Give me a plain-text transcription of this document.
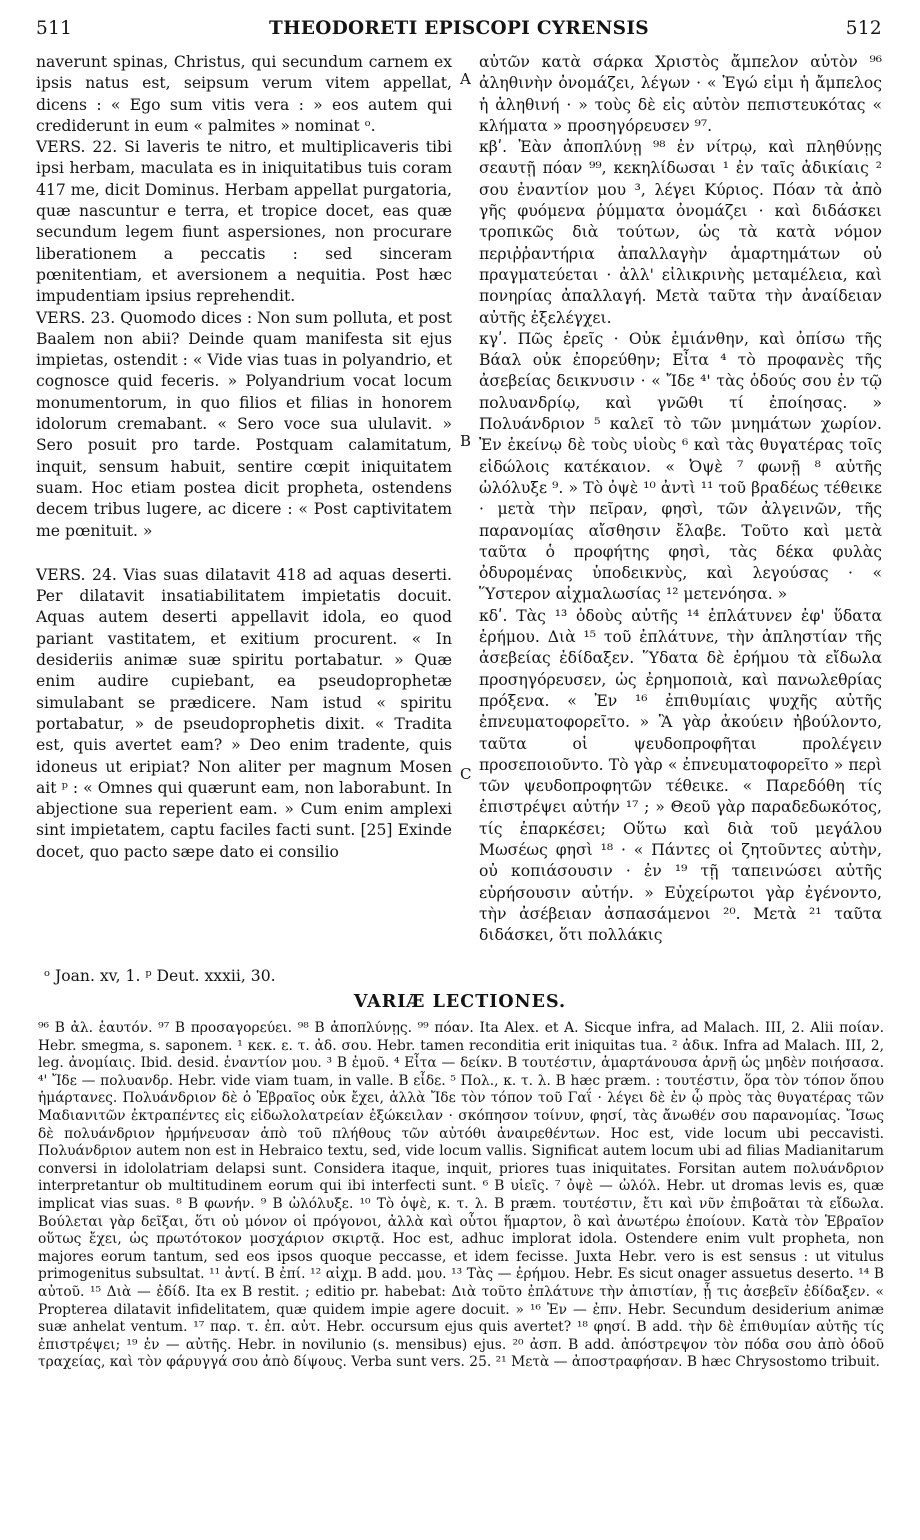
511	THEODORETI EPISCOPI CYRENSIS	512

naverunt spinas, Christus, qui secundum carnem ex ipsis natus est, seipsum verum vitem appellat, dicens : « Ego sum vitis vera : » eos autem qui crediderunt in eum « palmites » nominat ᵒ.

VERS. 22. Si laveris te nitro, et multiplicaveris tibi ipsi herbam, maculata es in iniquitatibus tuis coram 417 me, dicit Dominus. Herbam appellat purgatoria, quæ nascuntur e terra, et tropice docet, eas quæ secundum legem fiunt aspersiones, non procurare liberationem a peccatis : sed sinceram pœnitentiam, et aversionem a nequitia. Post hæc impudentiam ipsius reprehendit.

VERS. 23. Quomodo dices : Non sum polluta, et post Baalem non abii? Deinde quam manifesta sit ejus impietas, ostendit : « Vide vias tuas in polyandrio, et cognosce quid feceris. » Polyandrium vocat locum monumentorum, in quo filios et filias in honorem idolorum cremabant. « Sero voce sua ululavit. » Sero posuit pro tarde. Postquam calamitatum, inquit, sensum habuit, sentire cœpit iniquitatem suam. Hoc etiam postea dicit propheta, ostendens decem tribus lugere, ac dicere : « Post captivitatem me pœnituit. »

VERS. 24. Vias suas dilatavit 418 ad aquas deserti. Per dilatavit insatiabilitatem impietatis docuit. Aquas autem deserti appellavit idola, eo quod pariant vastitatem, et exitium procurent. « In desideriis animæ suæ spiritu portabatur. » Quæ enim audire cupiebant, ea pseudoprophetæ simulabant se prædicere. Nam istud « spiritu portabatur, » de pseudoprophetis dixit. « Tradita est, quis avertet eam? » Deo enim tradente, quis idoneus ut eripiat? Non aliter per magnum Mosen ait ᵖ : « Omnes qui quærunt eam, non laborabunt. In abjectione sua reperient eam. » Cum enim amplexi sint impietatem, captu faciles facti sunt. [25] Exinde docet, quo pacto sæpe dato ei consilio

A
B
C

αὐτῶν κατὰ σάρκα Χριστὸς ἄμπελον αὐτὸν ⁹⁶ ἀληθινὴν ὀνομάζει, λέγων · « Ἐγώ εἰμι ἡ ἄμπελος ἡ ἀληθινή · » τοὺς δὲ εἰς αὐτὸν πεπιστευκότας « κλήματα » προσηγόρευσεν ⁹⁷.

κβʹ. Ἐὰν ἀποπλύνῃ ⁹⁸ ἐν νίτρῳ, καὶ πληθύνῃς σεαυτῇ πόαν ⁹⁹, κεκηλίδωσαι ¹ ἐν ταῖς ἀδικίαις ² σου ἐναντίον μου ³, λέγει Κύριος. Πόαν τὰ ἀπὸ γῆς φυόμενα ῥύμματα ὀνομάζει · καὶ διδάσκει τροπικῶς διὰ τούτων, ὡς τὰ κατὰ νόμον περιῤῥαντήρια ἀπαλλαγὴν ἁμαρτημάτων οὐ πραγματεύεται · ἀλλ' εἰλικρινὴς μεταμέλεια, καὶ πονηρίας ἀπαλλαγή. Μετὰ ταῦτα τὴν ἀναίδειαν αὐτῆς ἐξελέγχει.

κγʹ. Πῶς ἐρεῖς · Οὐκ ἐμιάνθην, καὶ ὀπίσω τῆς Βάαλ οὐκ ἐπορεύθην; Εἶτα ⁴ τὸ προφανὲς τῆς ἀσεβείας δεικνυσιν · « Ἴδε ⁴' τὰς ὁδούς σου ἐν τῷ πολυανδρίῳ, καὶ γνῶθι τί ἐποίησας. » Πολυάνδριον ⁵ καλεῖ τὸ τῶν μνημάτων χωρίον. Ἐν ἐκείνῳ δὲ τοὺς υἱοὺς ⁶ καὶ τὰς θυγατέρας τοῖς εἰδώλοις κατέκαιον. « Ὀψὲ ⁷ φωνῇ ⁸ αὐτῆς ὠλόλυξε ⁹. » Τὸ ὀψὲ ¹⁰ ἀντὶ ¹¹ τοῦ βραδέως τέθεικε · μετὰ τὴν πεῖραν, φησὶ, τῶν ἀλγεινῶν, τῆς παρανομίας αἴσθησιν ἔλαβε. Τοῦτο καὶ μετὰ ταῦτα ὁ προφήτης φησὶ, τὰς δέκα φυλὰς ὀδυρομένας ὑποδεικνὺς, καὶ λεγούσας · « Ὕστερον αἰχμαλωσίας ¹² μετενόησα. »

κδʹ. Τὰς ¹³ ὁδοὺς αὐτῆς ¹⁴ ἐπλάτυνεν ἐφ' ὕδατα ἐρήμου. Διὰ ¹⁵ τοῦ ἐπλάτυνε, τὴν ἀπληστίαν τῆς ἀσεβείας ἐδίδαξεν. Ὕδατα δὲ ἐρήμου τὰ εἴδωλα προσηγόρευσεν, ὡς ἐρημοποιὰ, καὶ πανωλεθρίας πρόξενα. « Ἐν ¹⁶ ἐπιθυμίαις ψυχῆς αὐτῆς ἐπνευματοφορεῖτο. » Ἃ γὰρ ἀκούειν ἠβούλοντο, ταῦτα οἱ ψευδοπροφῆται προλέγειν προσεποιοῦντο. Τὸ γὰρ « ἐπνευματοφορεῖτο » περὶ τῶν ψευδοπροφητῶν τέθεικε. « Παρεδόθη τίς ἐπιστρέψει αὐτήν ¹⁷ ; » Θεοῦ γὰρ παραδεδωκότος, τίς ἐπαρκέσει; Οὕτω καὶ διὰ τοῦ μεγάλου Μωσέως φησὶ ¹⁸ · « Πάντες οἱ ζητοῦντες αὐτὴν, οὐ κοπιάσουσιν · ἐν ¹⁹ τῇ ταπεινώσει αὐτῆς εὑρήσουσιν αὐτήν. » Εὐχείρωτοι γὰρ ἐγένοντο, τὴν ἀσέβειαν ἀσπασάμενοι ²⁰. Μετὰ ²¹ ταῦτα διδάσκει, ὅτι πολλάκις

ᵒ Joan. xv, 1. ᵖ Deut. xxxii, 30.
VARIÆ LECTIONES.

⁹⁶ B ἀλ. ἑαυτόν. ⁹⁷ B προσαγορεύει. ⁹⁸ B ἀποπλύνῃς. ⁹⁹ πόαν. Ita Alex. et A. Sicque infra, ad Malach. III, 2. Alii ποίαν. Hebr. smegma, s. saponem. ¹ κεκ. ε. τ. ἀδ. σου. Hebr. tamen reconditia erit iniquitas tua. ² ἀδικ. Infra ad Malach. III, 2, leg. ἀνομίαις. Ibid. desid. ἐναντίον μου. ³ B ἐμοῦ. ⁴ Εἶτα — δείκν. B τουτέστιν, ἁμαρτάνουσα ἀρνῇ ὡς μηδὲν ποιήσασα. ⁴' Ἴδε — πολυανδρ. Hebr. vide viam tuam, in valle. B εἶδε. ⁵ Πολ., κ. τ. λ. B hæc præm. : τουτέστιν, ὅρα τὸν τόπον ὅπου ἡμάρτανες. Πολυάνδριον δὲ ὁ Ἑβραῖος οὐκ ἔχει, ἀλλὰ Ἴδε τὸν τόπον τοῦ Γαΐ · λέγει δὲ ἐν ᾧ πρὸς τὰς θυγατέρας τῶν Μαδιανιτῶν ἐκτραπέντες εἰς εἰδωλολατρείαν ἐξώκειλαν · σκόπησον τοίνυν, φησί, τὰς ἄνωθέν σου παρανομίας. Ἴσως δὲ πολυάνδριον ἡρμήνευσαν ἀπὸ τοῦ πλήθους τῶν αὐτόθι ἀναιρεθέντων. Hoc est, vide locum ubi peccavisti. Πολυάνδριον autem non est in Hebraico textu, sed, vide locum vallis. Significat autem locum ubi ad filias Madianitarum conversi in idololatriam delapsi sunt. Considera itaque, inquit, priores tuas iniquitates. Forsitan autem πολυάνδριον interpretantur ob multitudinem eorum qui ibi interfecti sunt. ⁶ B υἱεῖς. ⁷ ὀψὲ — ὠλόλ. Hebr. ut dromas levis es, quæ implicat vias suas. ⁸ B φωνήν. ⁹ B ὠλόλυξε. ¹⁰ Τὸ ὀψὲ, κ. τ. λ. B præm. τουτέστιν, ἔτι καὶ νῦν ἐπιβοᾶται τὰ εἴδωλα. Βούλεται γὰρ δεῖξαι, ὅτι οὐ μόνον οἱ πρόγονοι, ἀλλὰ καὶ οὗτοι ἥμαρτον, ὃ καὶ ἀνωτέρω ἐποίουν. Κατὰ τὸν Ἑβραῖον οὕτως ἔχει, ὡς πρωτότοκον μοσχάριον σκιρτᾷ. Hoc est, adhuc implorat idola. Ostendere enim vult propheta, non majores eorum tantum, sed eos ipsos quoque peccasse, et idem fecisse. Juxta Hebr. vero is est sensus : ut vitulus primogenitus subsultat. ¹¹ ἀντί. B ἐπί. ¹² αἰχμ. B add. μου. ¹³ Τὰς — ἐρήμου. Hebr. Es sicut onager assuetus deserto. ¹⁴ B αὐτοῦ. ¹⁵ Διὰ — ἐδίδ. Ita ex B restit. ; editio pr. habebat: Διὰ τοῦτο ἐπλάτυνε τὴν ἀπιστίαν, ᾗ τις ἀσεβεῖν ἐδίδαξεν. « Propterea dilatavit infidelitatem, quæ quidem impie agere docuit. » ¹⁶ Ἐν — ἐπν. Hebr. Secundum desiderium animæ suæ anhelat ventum. ¹⁷ παρ. τ. ἐπ. αὐτ. Hebr. occursum ejus quis avertet? ¹⁸ φησί. B add. τὴν δὲ ἐπιθυμίαν αὐτῆς τίς ἐπιστρέψει; ¹⁹ ἐν — αὐτῆς. Hebr. in novilunio (s. mensibus) ejus. ²⁰ ἀσπ. B add. ἀπόστρεψον τὸν πόδα σου ἀπὸ ὁδοῦ τραχείας, καὶ τὸν φάρυγγά σου ἀπὸ δίψους. Verba sunt vers. 25. ²¹ Μετὰ — ἀποστραφήσαν. B hæc Chrysostomo tribuit.
